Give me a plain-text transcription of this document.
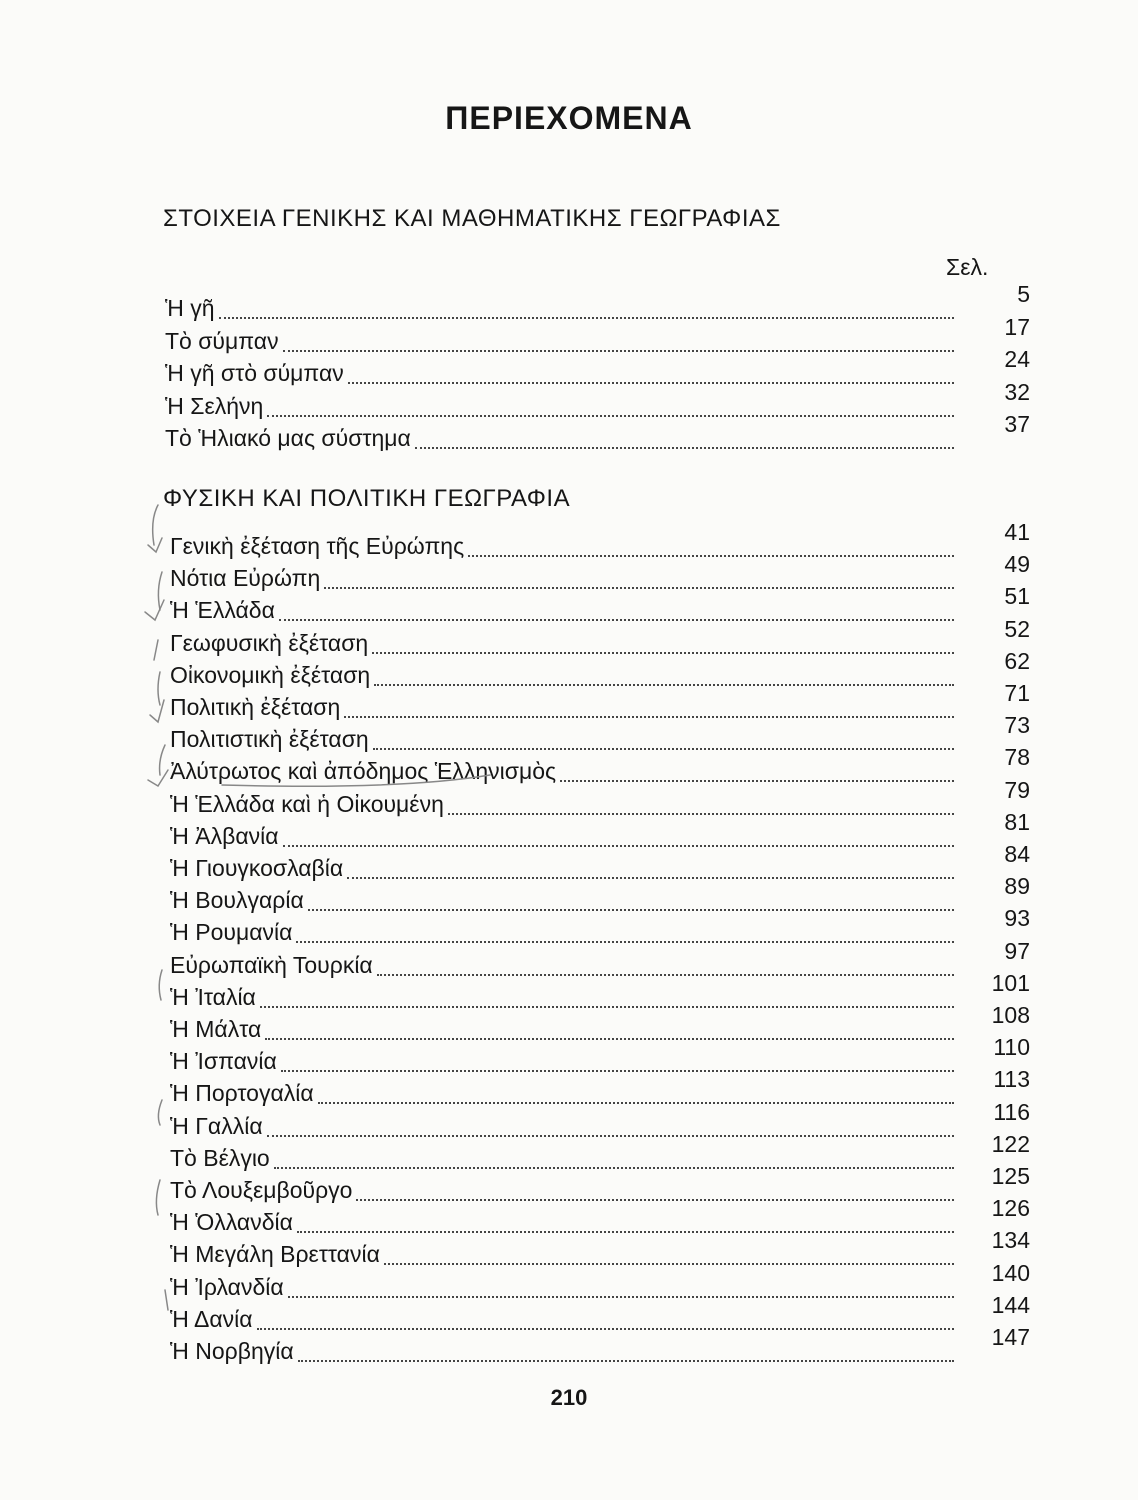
ΠΕΡΙΕΧΟΜΕΝΑ
ΣΤΟΙΧΕΙΑ ΓΕΝΙΚΗΣ ΚΑΙ ΜΑΘΗΜΑΤΙΚΗΣ ΓΕΩΓΡΑΦΙΑΣ
Σελ.
ΦΥΣΙΚΗ ΚΑΙ ΠΟΛΙΤΙΚΗ ΓΕΩΓΡΑΦΙΑ
Ἡ γῆ
5
Τὸ σύμπαν
17
Ἡ γῆ στὸ σύμπαν
24
Ἡ Σελήνη
32
Τὸ Ἡλιακό μας σύστημα
37
Γενικὴ ἐξέταση τῆς Εὐρώπης
41
Νότια Εὐρώπη
49
Ἡ Ἑλλάδα
51
Γεωφυσικὴ ἐξέταση
52
Οἰκονομικὴ ἐξέταση
62
Πολιτικὴ ἐξέταση
71
Πολιτιστικὴ ἐξέταση
73
Ἀλύτρωτος καὶ ἀπόδημος Ἑλληνισμὸς
78
Ἡ Ἑλλάδα καὶ ἡ Οἰκουμένη
79
Ἡ Ἀλβανία
81
Ἡ Γιουγκοσλαβία
84
Ἡ Βουλγαρία
89
Ἡ Ρουμανία
93
Εὐρωπαϊκὴ Τουρκία
97
Ἡ Ἰταλία
101
Ἡ Μάλτα
108
Ἡ Ἰσπανία
110
Ἡ Πορτογαλία
113
Ἡ Γαλλία
116
Τὸ Βέλγιο
122
Τὸ Λουξεμβοῦργο
125
Ἡ Ὁλλανδία
126
Ἡ Μεγάλη Βρεττανία
134
Ἡ Ἰρλανδία
140
Ἡ Δανία
144
Ἡ Νορβηγία
147
210
